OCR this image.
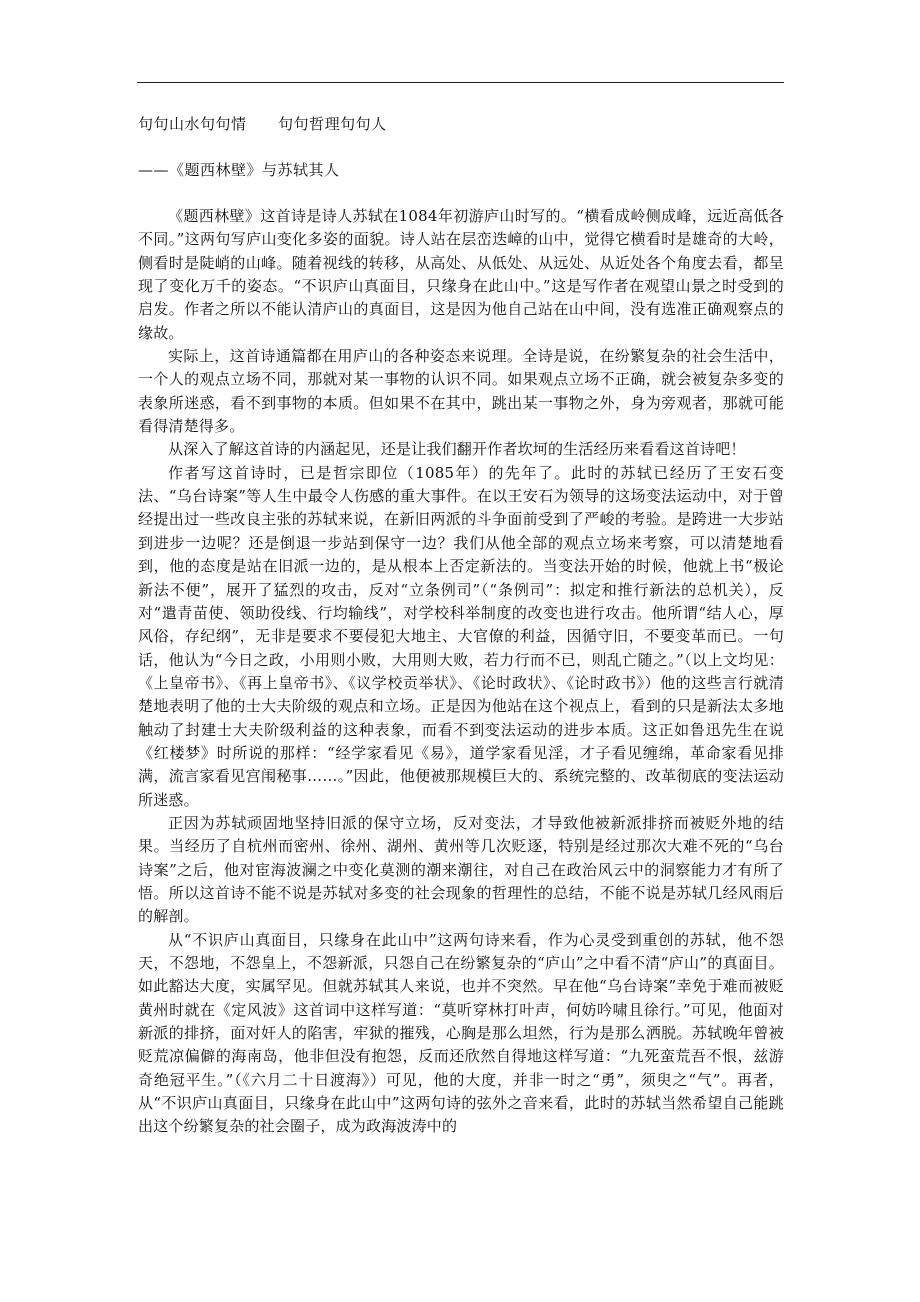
句句山水句句情      句句哲理句句人
——《题西林壁》与苏轼其人

《题西林壁》这首诗是诗人苏轼在1084年初游庐山时写的。“横看成岭侧成峰，远近高低各不同。”这两句写庐山变化多姿的面貌。诗人站在层峦迭嶂的山中，觉得它横看时是雄奇的大岭，侧看时是陡峭的山峰。随着视线的转移，从高处、从低处、从远处、从近处各个角度去看，都呈现了变化万千的姿态。“不识庐山真面目，只缘身在此山中。”这是写作者在观望山景之时受到的启发。作者之所以不能认清庐山的真面目，这是因为他自己站在山中间，没有选准正确观察点的缘故。

实际上，这首诗通篇都在用庐山的各种姿态来说理。全诗是说，在纷繁复杂的社会生活中，一个人的观点立场不同，那就对某一事物的认识不同。如果观点立场不正确，就会被复杂多变的表象所迷惑，看不到事物的本质。但如果不在其中，跳出某一事物之外，身为旁观者，那就可能看得清楚得多。

从深入了解这首诗的内涵起见，还是让我们翻开作者坎坷的生活经历来看看这首诗吧！

作者写这首诗时，已是哲宗即位（1085年）的先年了。此时的苏轼已经历了王安石变法、“乌台诗案”等人生中最令人伤感的重大事件。在以王安石为领导的这场变法运动中，对于曾经提出过一些改良主张的苏轼来说，在新旧两派的斗争面前受到了严峻的考验。是跨进一大步站到进步一边呢？还是倒退一步站到保守一边？我们从他全部的观点立场来考察，可以清楚地看到，他的态度是站在旧派一边的，是从根本上否定新法的。当变法开始的时候，他就上书“极论新法不便”，展开了猛烈的攻击，反对“立条例司”（“条例司”：拟定和推行新法的总机关），反对“遣青苗使、领助役线、行均输线”，对学校科举制度的改变也进行攻击。他所谓“结人心，厚风俗，存纪纲”，无非是要求不要侵犯大地主、大官僚的利益，因循守旧，不要变革而已。一句话，他认为“今日之政，小用则小败，大用则大败，若力行而不已，则乱亡随之。”（以上文均见：《上皇帝书》、《再上皇帝书》、《议学校贡举状》、《论时政状》、《论时政书》）他的这些言行就清楚地表明了他的士大夫阶级的观点和立场。正是因为他站在这个视点上，看到的只是新法太多地触动了封建士大夫阶级利益的这种表象，而看不到变法运动的进步本质。这正如鲁迅先生在说《红楼梦》时所说的那样：“经学家看见《易》，道学家看见淫，才子看见缠绵，革命家看见排满，流言家看见宫闱秘事……。”因此，他便被那规模巨大的、系统完整的、改革彻底的变法运动所迷惑。

正因为苏轼顽固地坚持旧派的保守立场，反对变法，才导致他被新派排挤而被贬外地的结果。当经历了自杭州而密州、徐州、湖州、黄州等几次贬逐，特别是经过那次大难不死的“乌台诗案”之后，他对宦海波澜之中变化莫测的潮来潮往，对自己在政治风云中的洞察能力才有所了悟。所以这首诗不能不说是苏轼对多变的社会现象的哲理性的总结，不能不说是苏轼几经风雨后的解剖。

从“不识庐山真面目，只缘身在此山中”这两句诗来看，作为心灵受到重创的苏轼，他不怨天，不怨地，不怨皇上，不怨新派，只怨自己在纷繁复杂的“庐山”之中看不清“庐山”的真面目。如此豁达大度，实属罕见。但就苏轼其人来说，也并不突然。早在他“乌台诗案”幸免于难而被贬黄州时就在《定风波》这首词中这样写道：“莫听穿林打叶声，何妨吟啸且徐行。”可见，他面对新派的排挤，面对奸人的陷害，牢狱的摧残，心胸是那么坦然，行为是那么洒脱。苏轼晚年曾被贬荒凉偏僻的海南岛，他非但没有抱怨，反而还欣然自得地这样写道：“九死蛮荒吾不恨，兹游奇绝冠平生。”（《六月二十日渡海》）可见，他的大度，并非一时之“勇”，须臾之“气”。再者，从“不识庐山真面目，只缘身在此山中”这两句诗的弦外之音来看，此时的苏轼当然希望自己能跳出这个纷繁复杂的社会圈子，成为政海波涛中的
